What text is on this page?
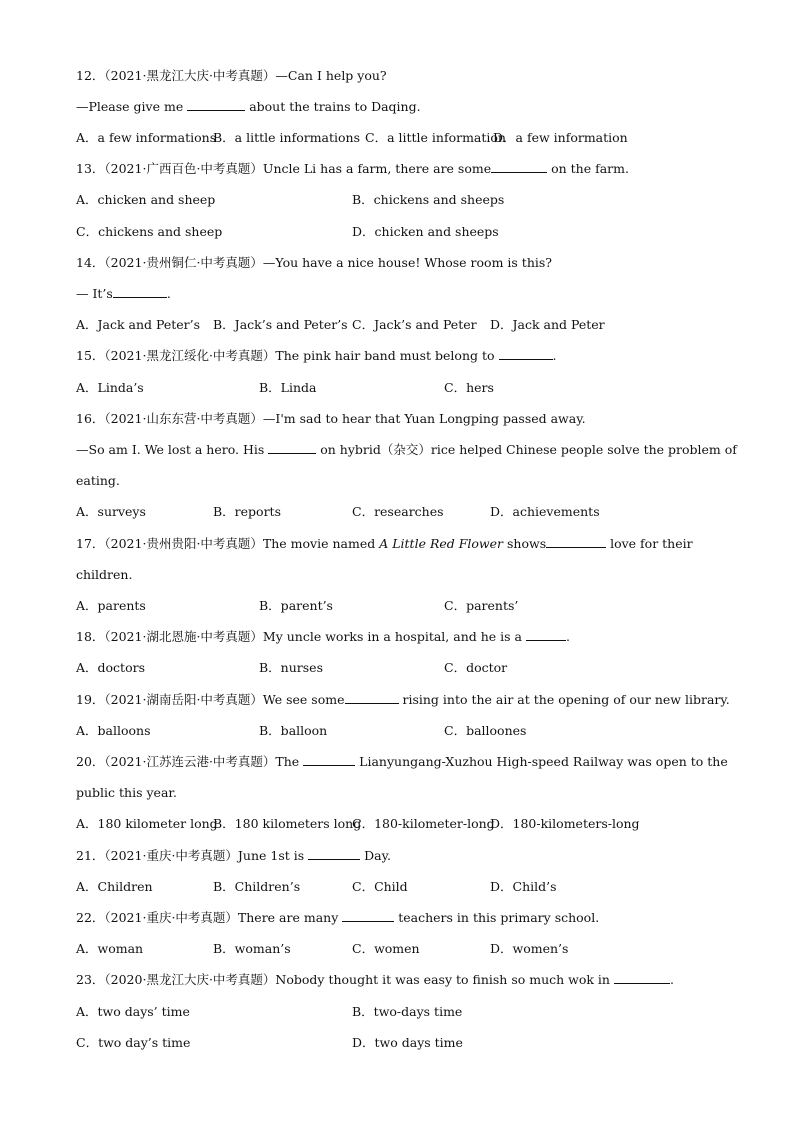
12．（2021·黑龙江大庆·中考真题）—Can I help you?
—Please give me	about the trains to Daqing.
A．a few informations
B．a little informations C．a little information
D．a few information
13．（2021·广西百色·中考真题）Uncle Li has a farm, there are some	on the farm.
A．chicken and sheep	B．chickens and sheeps
C．chickens and sheep	D．chicken and sheeps
14．（2021·贵州铜仁·中考真题）—You have a nice house! Whose room is this?
— It’s	.
A．Jack and Peter’s B．Jack’s and Peter’s C．Jack’s and Peter D．Jack and Peter
15．（2021·黑龙江绥化·中考真题）The pink hair band must belong to	.
A．Linda’s	B．Linda	C．hers
16．（2021·山东东营·中考真题）—I'm sad to hear that Yuan Longping passed away.
—So am I. We lost a hero. His	on hybrid（杂交）rice helped Chinese people solve the problem of
eating.
A．surveys	B．reports	C．researches	D．achievements
17．（2021·贵州贵阳·中考真题）The movie named A Little Red Flower shows	love for their
children.
A．parents	B．parent’s	C．parents’
18．（2021·湖北恩施·中考真题）My uncle works in a hospital, and he is a	.
A．doctors	B．nurses	C．doctor
19．（2021·湖南岳阳·中考真题）We see some	rising into the air at the opening of our new library.
A．balloons	B．balloon	C．balloones
20．（2021·江苏连云港·中考真题）The	Lianyungang-Xuzhou High-speed Railway was open to the
public this year.
A．180 kilometer long
B．180 kilometers long
C．180-kilometer-long
D．180-kilometers-long
21．（2021·重庆·中考真题）June 1st is	Day.
A．Children	B．Children’s	C．Child	D．Child’s
22．（2021·重庆·中考真题）There are many	teachers in this primary school.
A．woman	B．woman’s	C．women	D．women’s
23．（2020·黑龙江大庆·中考真题）Nobody thought it was easy to finish so much wok in	.
A．two days’ time	B．two-days time
C．two day’s time	D．two days time
